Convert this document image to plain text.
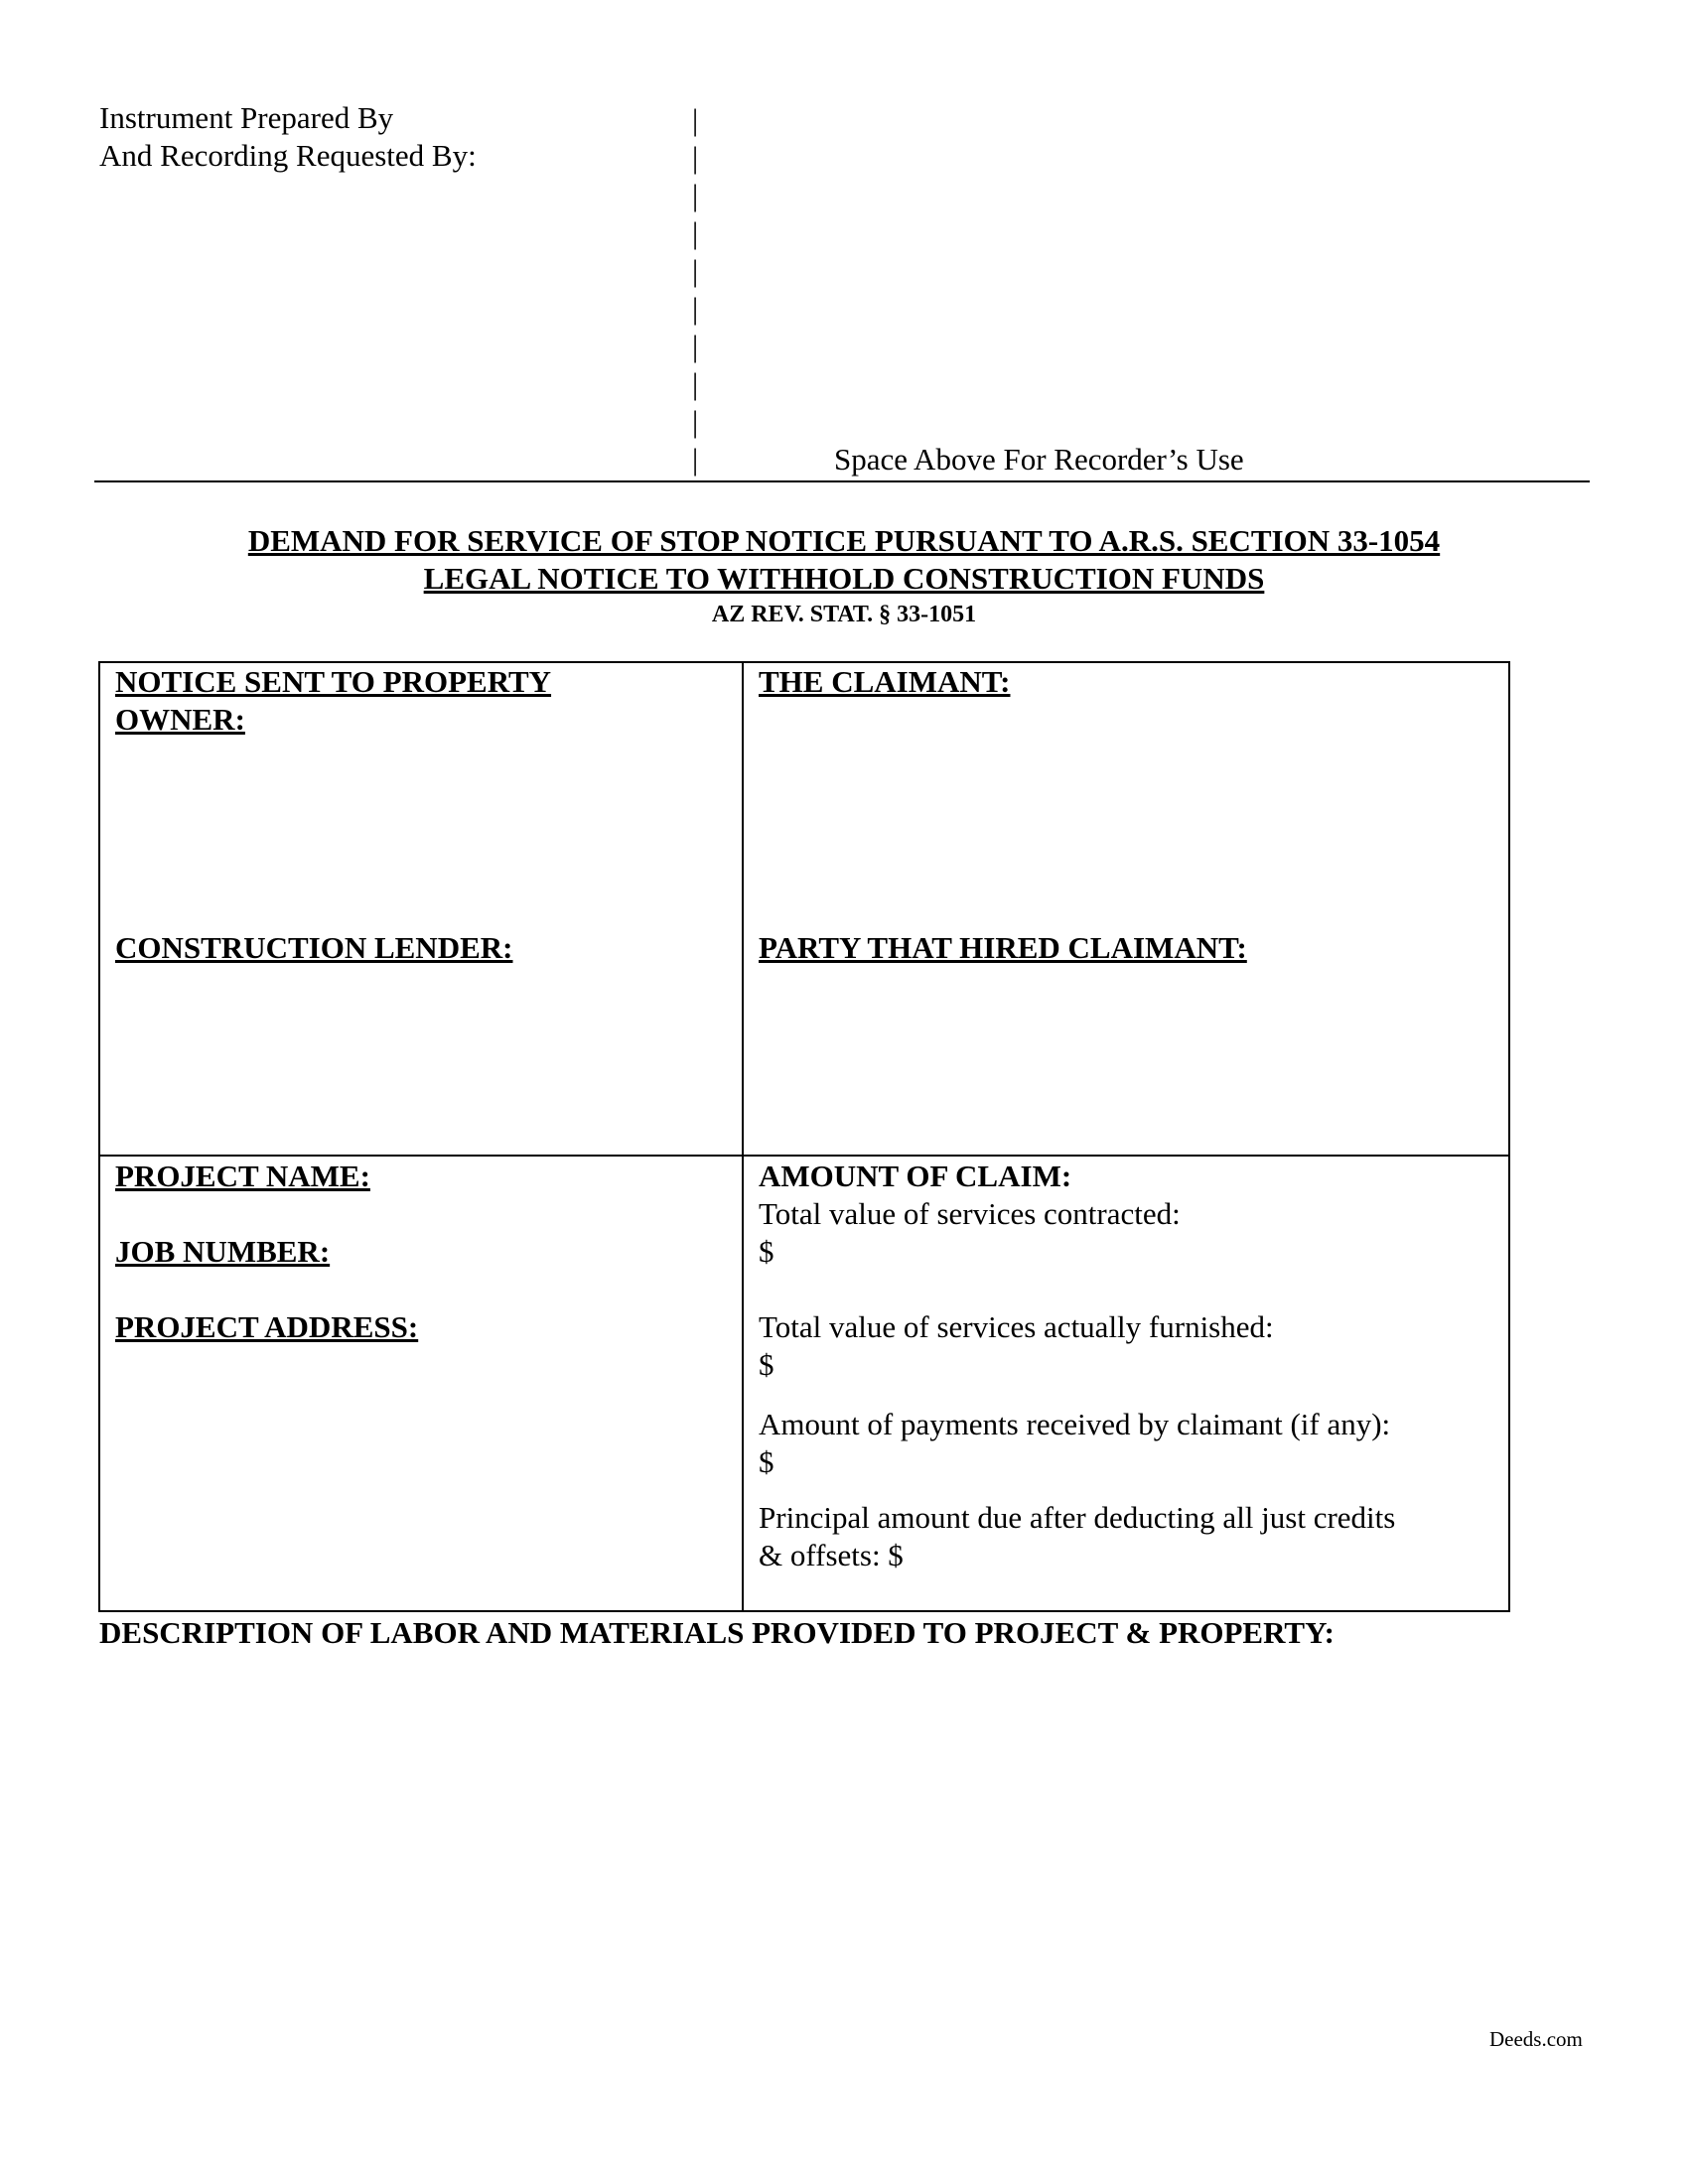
Instrument Prepared By
And Recording Requested By:
|
|
|
|
|
|
|
|
|
|	Space Above For Recorder’s Use
DEMAND FOR SERVICE OF STOP NOTICE PURSUANT TO A.R.S. SECTION 33-1054
LEGAL NOTICE TO WITHHOLD CONSTRUCTION FUNDS
AZ REV. STAT. § 33-1051
NOTICE SENT TO PROPERTY
OWNER:
CONSTRUCTION LENDER:
THE CLAIMANT:
PARTY THAT HIRED CLAIMANT:
PROJECT NAME:
JOB NUMBER:
PROJECT ADDRESS:
AMOUNT OF CLAIM:
Total value of services contracted:
$
Total value of services actually furnished:
$
Amount of payments received by claimant (if any):
$
Principal amount due after deducting all just credits
& offsets: $
DESCRIPTION OF LABOR AND MATERIALS PROVIDED TO PROJECT & PROPERTY:
Deeds.com
